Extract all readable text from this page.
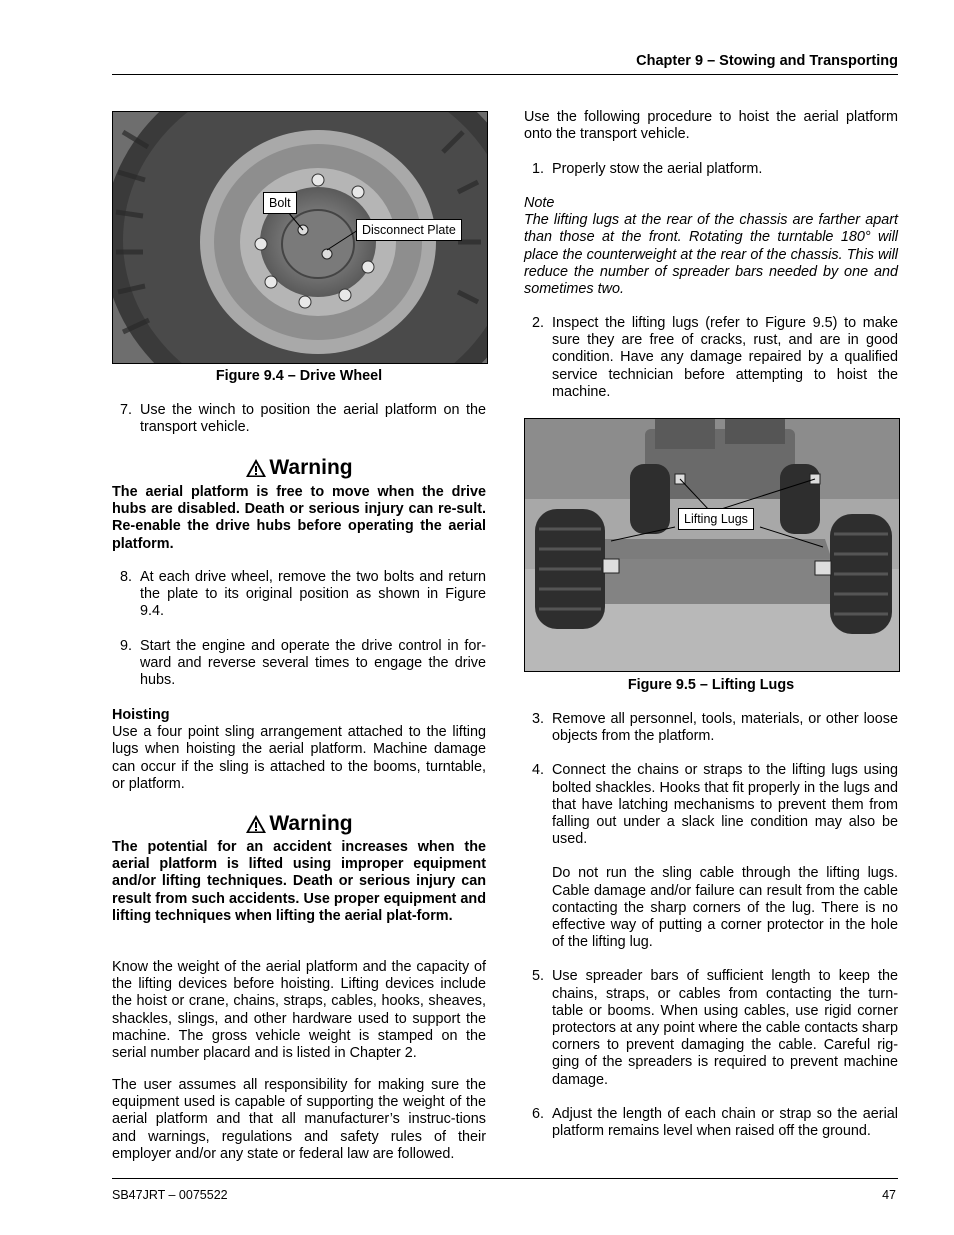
Chapter 9 – Stowing and Transporting
Bolt
Disconnect Plate
Figure 9.4 – Drive Wheel
7. Use the winch to position the aerial platform on the transport vehicle.
Warning
The aerial platform is free to move when the drive hubs are disabled. Death or serious injury can re-sult. Re-enable the drive hubs before operating the aerial platform.
8. At each drive wheel, remove the two bolts and return the plate to its original position as shown in Figure 9.4.
9. Start the engine and operate the drive control in for-ward and reverse several times to engage the drive hubs.

Hoisting

Use a four point sling arrangement attached to the lifting lugs when hoisting the aerial platform. Machine damage can occur if the sling is attached to the booms, turntable, or platform.

Warning
The potential for an accident increases when the aerial platform is lifted using improper equipment and/or lifting techniques. Death or serious injury can result from such accidents. Use proper equipment and lifting techniques when lifting the aerial plat-form.
Know the weight of the aerial platform and the capacity of the lifting devices before hoisting. Lifting devices include the hoist or crane, chains, straps, cables, hooks, sheaves, shackles, slings, and other hardware used to support the machine. The gross vehicle weight is stamped on the serial number placard and is listed in Chapter 2.
The user assumes all responsibility for making sure the equipment used is capable of supporting the weight of the aerial platform and that all manufacturer’s instruc-tions and warnings, regulations and safety rules of their employer and/or any state or federal law are followed.
Use the following procedure to hoist the aerial platform onto the transport vehicle.
1. Properly stow the aerial platform.

Note

The lifting lugs at the rear of the chassis are farther apart than those at the front. Rotating the turntable 180° will place the counterweight at the rear of the chassis. This will reduce the number of spreader bars needed by one and sometimes two.

2. Inspect the lifting lugs (refer to Figure 9.5) to make sure they are free of cracks, rust, and are in good condition. Have any damage repaired by a qualified service technician before attempting to hoist the machine.
Lifting Lugs
Figure 9.5 – Lifting Lugs
3. Remove all personnel, tools, materials, or other loose objects from the platform.
4. Connect the chains or straps to the lifting lugs using bolted shackles. Hooks that fit properly in the lugs and that have latching mechanisms to prevent them from falling out under a slack line condition may also be used.
Do not run the sling cable through the lifting lugs. Cable damage and/or failure can result from the cable contacting the sharp corners of the lug. There is no effective way of putting a corner protector in the hole of the lifting lug.
5. Use spreader bars of sufficient length to keep the chains, straps, or cables from contacting the turn-table or booms. When using cables, use rigid corner protectors at any point where the cable contacts sharp corners to prevent damaging the cable. Careful rig-ging of the spreaders is required to prevent machine damage.
6. Adjust the length of each chain or strap so the aerial platform remains level when raised off the ground.
SB47JRT – 0075522	47
